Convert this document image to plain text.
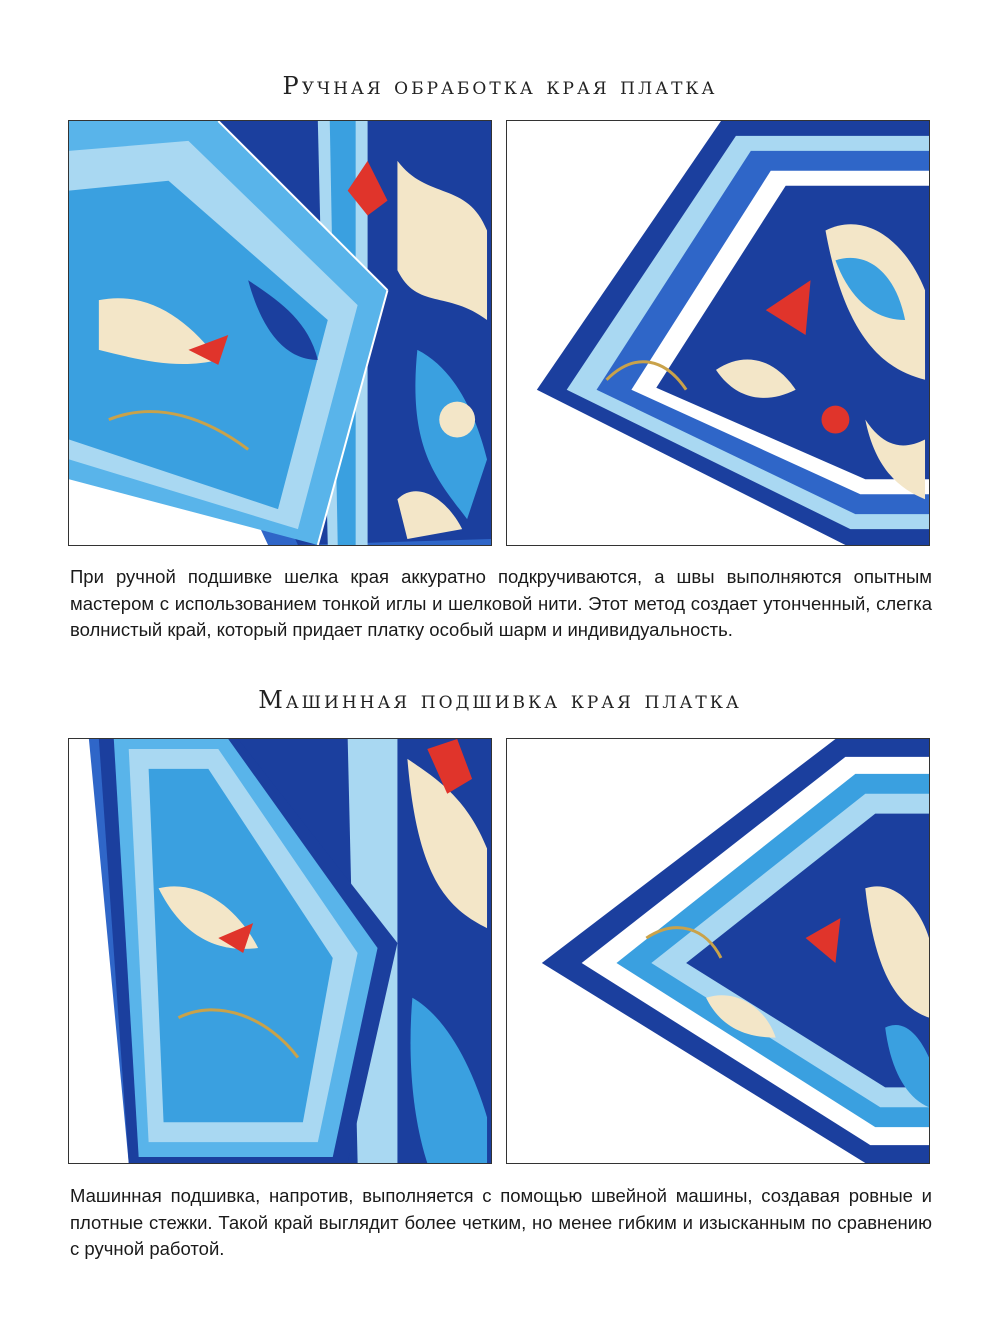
Ручная обработка края платка
При ручной подшивке шелка края аккуратно подкручиваются, а швы выполняются опытным мастером с использованием тонкой иглы и шелковой нити. Этот метод создает утонченный, слегка волнистый край, который придает платку особый шарм и индивидуальность.
Машинная подшивка края платка
Машинная подшивка, напротив, выполняется с помощью швейной машины, создавая ровные и плотные стежки. Такой край выглядит более четким, но менее гибким и изысканным по сравнению с ручной работой.
